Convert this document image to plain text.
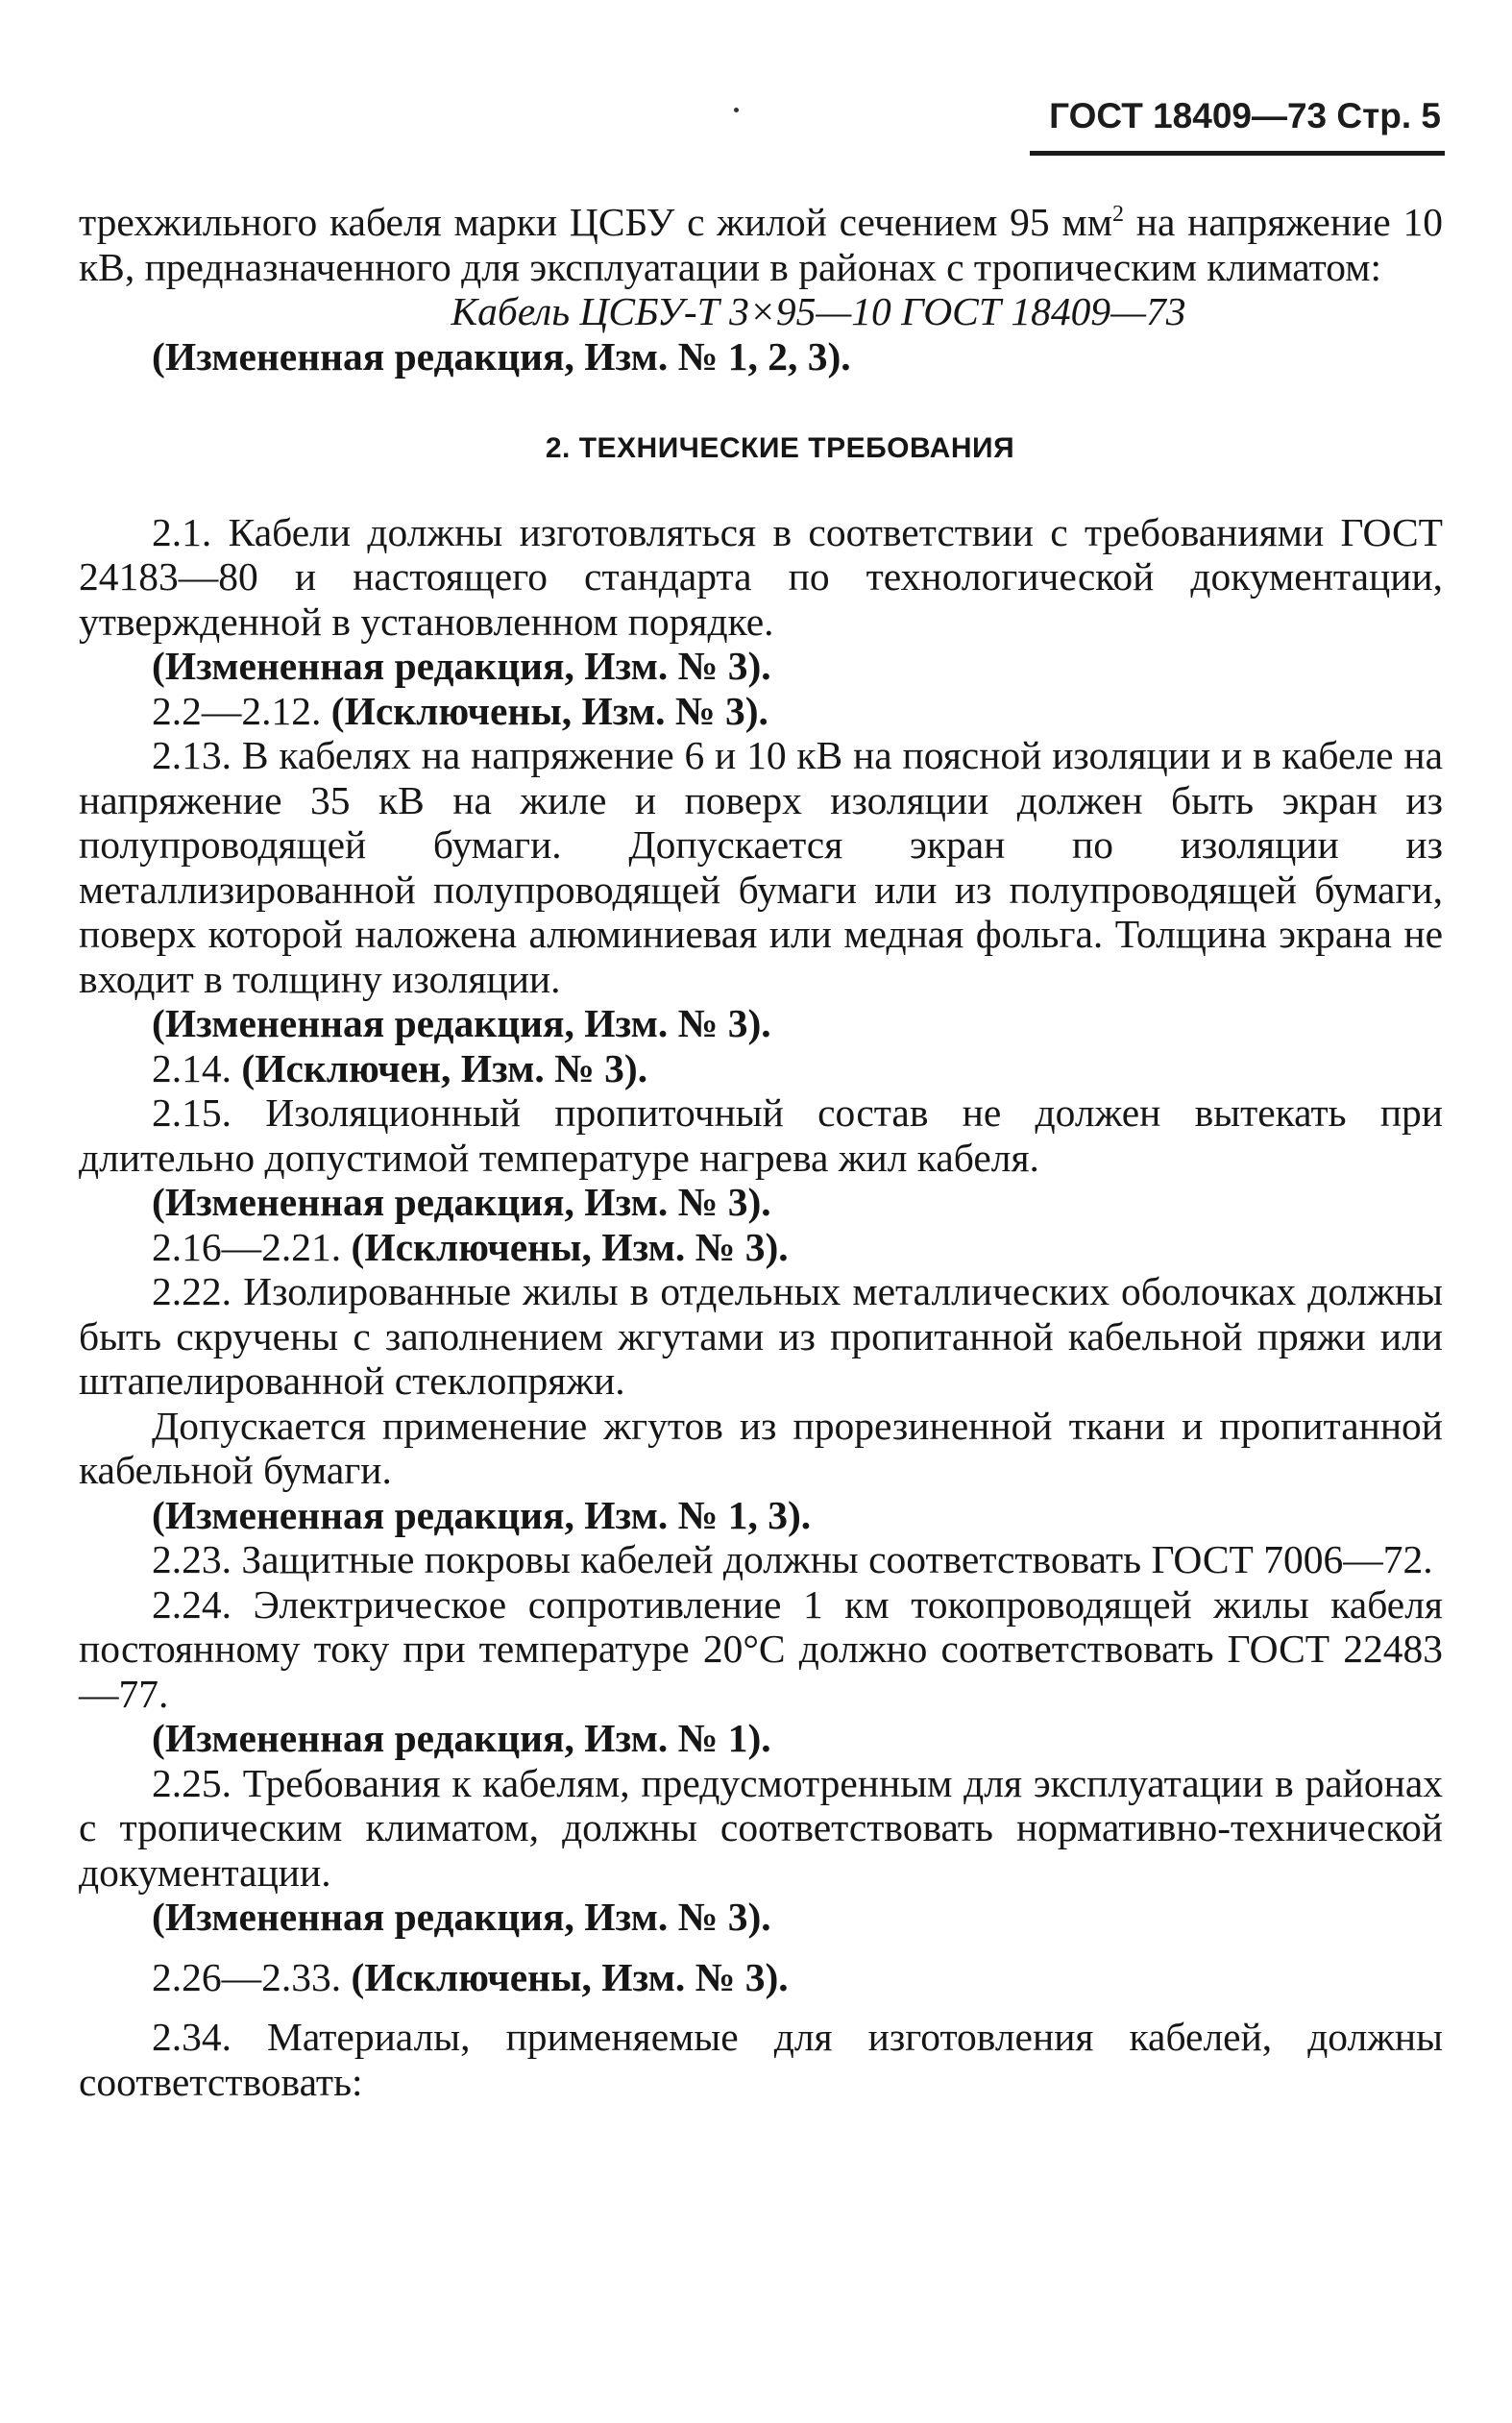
ГОСТ 18409—73 Стр. 5

трехжильного кабеля марки ЦСБУ с жилой сечением 95 $мм^2$ на напряжение 10 кВ, предназначенного для эксплуатации в районах с тропическим климатом:

Кабель ЦСБУ-Т 3×95—10 ГОСТ 18409—73

(Измененная редакция, Изм. № 1, 2, 3).

2. ТЕХНИЧЕСКИЕ ТРЕБОВАНИЯ

2.1. Кабели должны изготовляться в соответствии с требованиями ГОСТ 24183—80 и настоящего стандарта по технологической документации, утвержденной в установленном порядке.

(Измененная редакция, Изм. № 3).

2.2—2.12. (Исключены, Изм. № 3).

2.13. В кабелях на напряжение 6 и 10 кВ на поясной изоляции и в кабеле на напряжение 35 кВ на жиле и поверх изоляции должен быть экран из полупроводящей бумаги. Допускается экран по изоляции из металлизированной полупроводящей бумаги или из полупроводящей бумаги, поверх которой наложена алюминиевая или медная фольга. Толщина экрана не входит в толщину изоляции.

(Измененная редакция, Изм. № 3).

2.14. (Исключен, Изм. № 3).

2.15. Изоляционный пропиточный состав не должен вытекать при длительно допустимой температуре нагрева жил кабеля.

(Измененная редакция, Изм. № 3).

2.16—2.21. (Исключены, Изм. № 3).

2.22. Изолированные жилы в отдельных металлических оболочках должны быть скручены с заполнением жгутами из пропитанной кабельной пряжи или штапелированной стеклопряжи.

Допускается применение жгутов из прорезиненной ткани и пропитанной кабельной бумаги.

(Измененная редакция, Изм. № 1, 3).

2.23. Защитные покровы кабелей должны соответствовать ГОСТ 7006—72.

2.24. Электрическое сопротивление 1 км токопроводящей жилы кабеля постоянному току при температуре 20°С должно соответствовать ГОСТ 22483—77.

(Измененная редакция, Изм. № 1).

2.25. Требования к кабелям, предусмотренным для эксплуатации в районах с тропическим климатом, должны соответствовать нормативно-технической документации.

(Измененная редакция, Изм. № 3).

2.26—2.33. (Исключены, Изм. № 3).

2.34. Материалы, применяемые для изготовления кабелей, должны соответствовать:
